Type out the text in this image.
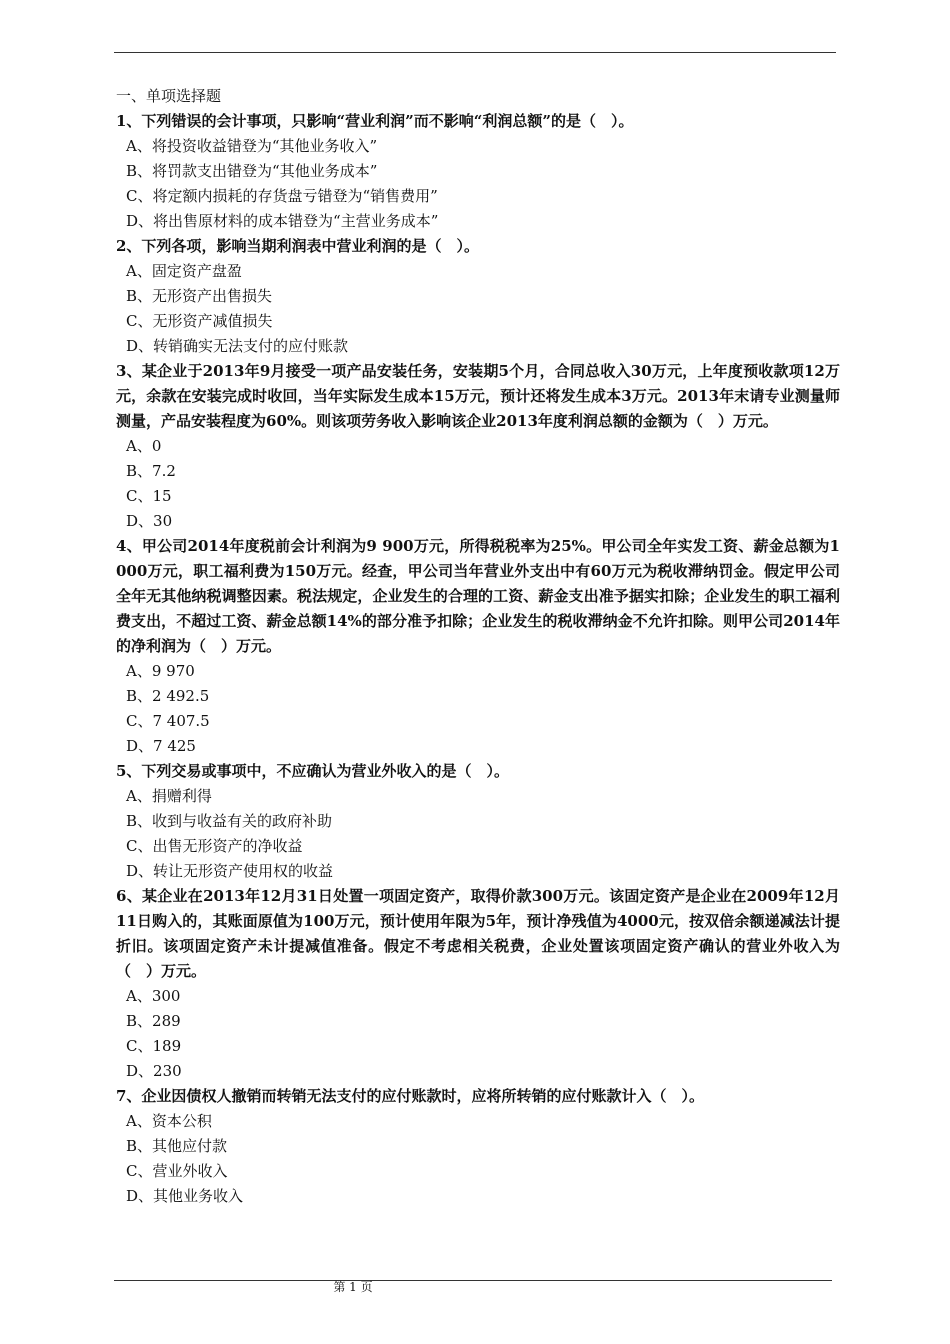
一、单项选择题
1、下列错误的会计事项，只影响“营业利润”而不影响“利润总额”的是（　）。
A、将投资收益错登为“其他业务收入”
B、将罚款支出错登为“其他业务成本”
C、将定额内损耗的存货盘亏错登为“销售费用”
D、将出售原材料的成本错登为“主营业务成本”
2、下列各项，影响当期利润表中营业利润的是（　）。
A、固定资产盘盈
B、无形资产出售损失
C、无形资产减值损失
D、转销确实无法支付的应付账款
3、某企业于2013年9月接受一项产品安装任务，安装期5个月，合同总收入30万元，上年度预收款项12万元，余款在安装完成时收回，当年实际发生成本15万元，预计还将发生成本3万元。2013年末请专业测量师测量，产品安装程度为60%。则该项劳务收入影响该企业2013年度利润总额的金额为（　）万元。
A、0
B、7.2
C、15
D、30
4、甲公司2014年度税前会计利润为9 900万元，所得税税率为25%。甲公司全年实发工资、薪金总额为1 000万元，职工福利费为150万元。经查，甲公司当年营业外支出中有60万元为税收滞纳罚金。假定甲公司全年无其他纳税调整因素。税法规定，企业发生的合理的工资、薪金支出准予据实扣除；企业发生的职工福利费支出，不超过工资、薪金总额14%的部分准予扣除；企业发生的税收滞纳金不允许扣除。则甲公司2014年的净利润为（　）万元。
A、9 970
B、2 492.5
C、7 407.5
D、7 425
5、下列交易或事项中，不应确认为营业外收入的是（　）。
A、捐赠利得
B、收到与收益有关的政府补助
C、出售无形资产的净收益
D、转让无形资产使用权的收益
6、某企业在2013年12月31日处置一项固定资产，取得价款300万元。该固定资产是企业在2009年12月11日购入的，其账面原值为100万元，预计使用年限为5年，预计净残值为4000元，按双倍余额递减法计提折旧。该项固定资产未计提减值准备。假定不考虑相关税费，企业处置该项固定资产确认的营业外收入为（　）万元。
A、300
B、289
C、189
D、230
7、企业因债权人撤销而转销无法支付的应付账款时，应将所转销的应付账款计入（　）。
A、资本公积
B、其他应付款
C、营业外收入
D、其他业务收入
第 1 页
